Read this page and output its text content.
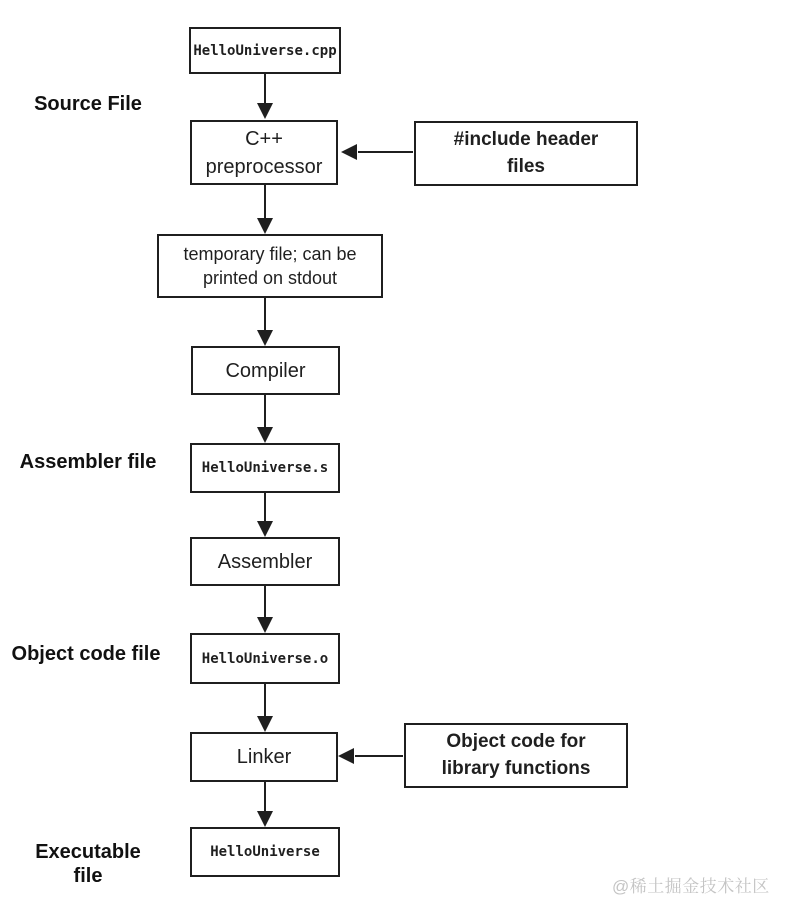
HelloUniverse.cpp
C++ preprocessor
temporary file; can be printed on stdout
Compiler
HelloUniverse.s
Assembler
HelloUniverse.o
Linker
HelloUniverse
#include header files
Object code for library functions
Source File
Assembler file
Object code file
Executable file	@稀土掘金技术社区
